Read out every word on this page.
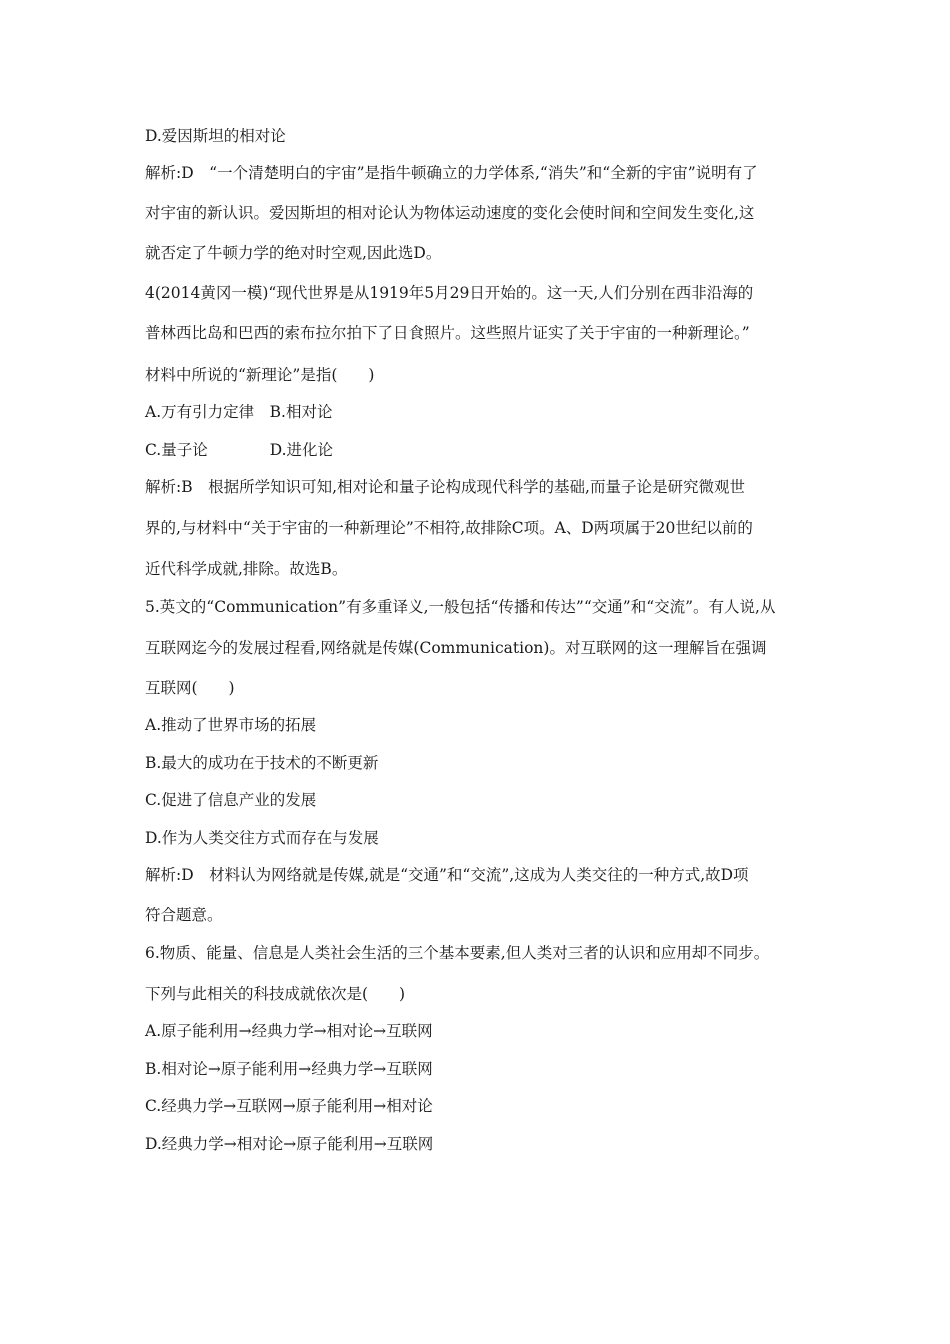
D.爱因斯坦的相对论
解析:D　“一个清楚明白的宇宙”是指牛顿确立的力学体系,“消失”和“全新的宇宙”说明有了
对宇宙的新认识。爱因斯坦的相对论认为物体运动速度的变化会使时间和空间发生变化,这
就否定了牛顿力学的绝对时空观,因此选D。
4(2014黄冈一模)“现代世界是从1919年5月29日开始的。这一天,人们分别在西非沿海的
普林西比岛和巴西的索布拉尔拍下了日食照片。这些照片证实了关于宇宙的一种新理论。”
材料中所说的“新理论”是指(　　)
A.万有引力定律　B.相对论
C.量子论　　　　D.进化论
解析:B　根据所学知识可知,相对论和量子论构成现代科学的基础,而量子论是研究微观世
界的,与材料中“关于宇宙的一种新理论”不相符,故排除C项。A、D两项属于20世纪以前的
近代科学成就,排除。故选B。
5.英文的“Communication”有多重译义,一般包括“传播和传达”“交通”和“交流”。有人说,从
互联网迄今的发展过程看,网络就是传媒(Communication)。对互联网的这一理解旨在强调
互联网(　　)
A.推动了世界市场的拓展
B.最大的成功在于技术的不断更新
C.促进了信息产业的发展
D.作为人类交往方式而存在与发展
解析:D　材料认为网络就是传媒,就是“交通”和“交流”,这成为人类交往的一种方式,故D项
符合题意。
6.物质、能量、信息是人类社会生活的三个基本要素,但人类对三者的认识和应用却不同步。
下列与此相关的科技成就依次是(　　)
A.原子能利用→经典力学→相对论→互联网
B.相对论→原子能利用→经典力学→互联网
C.经典力学→互联网→原子能利用→相对论
D.经典力学→相对论→原子能利用→互联网
